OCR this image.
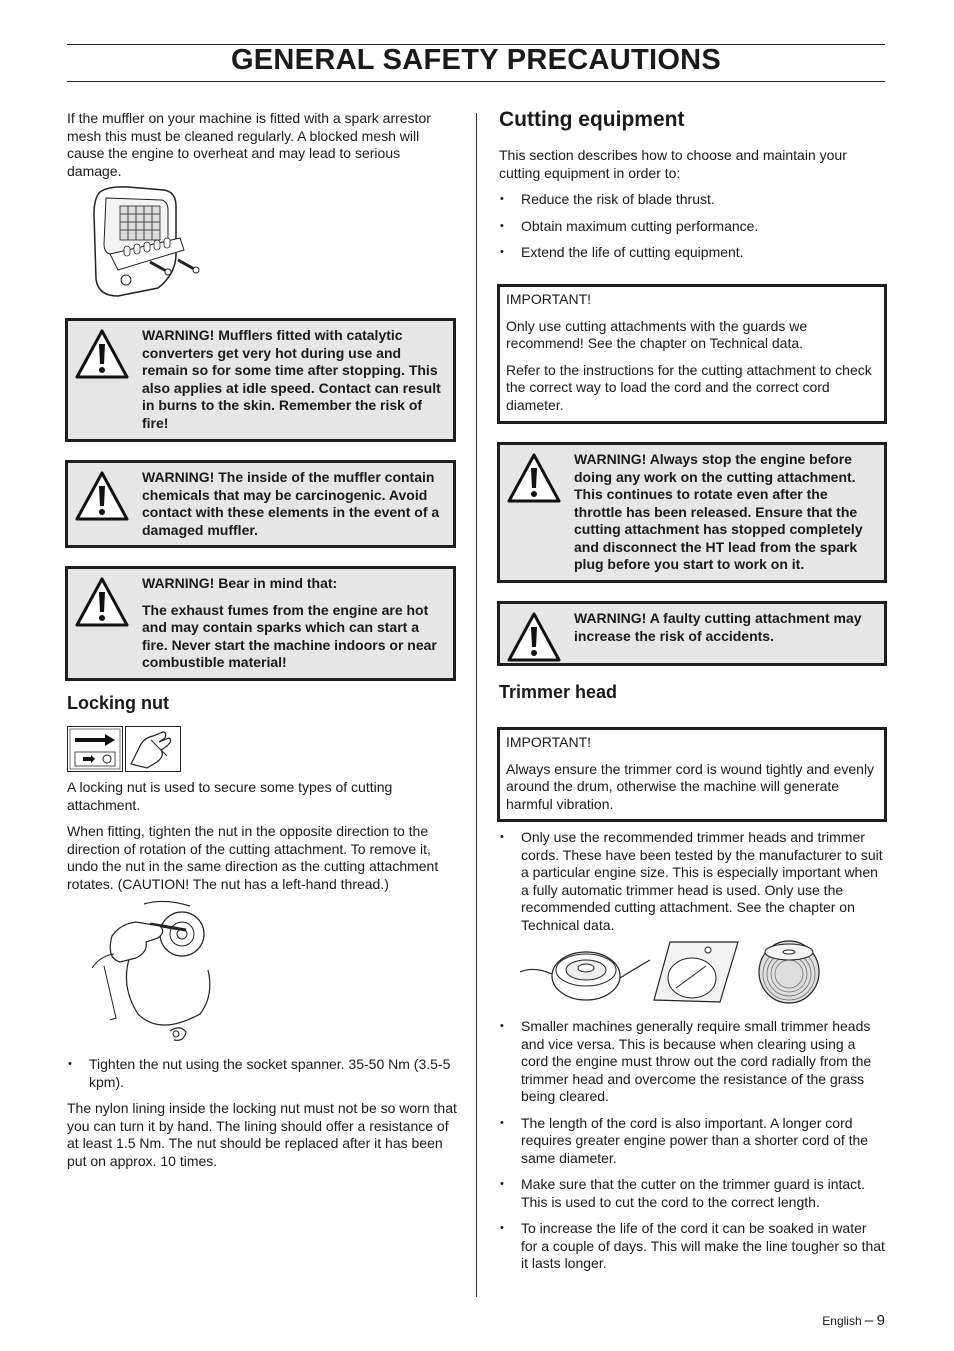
GENERAL SAFETY PRECAUTIONS

If the muffler on your machine is fitted with a spark arrestor mesh this must be cleaned regularly. A blocked mesh will cause the engine to overheat and may lead to serious damage.

WARNING! Mufflers fitted with catalytic converters get very hot during use and remain so for some time after stopping. This also applies at idle speed. Contact can result in burns to the skin. Remember the risk of fire!
WARNING! The inside of the muffler contain chemicals that may be carcinogenic. Avoid contact with these elements in the event of a damaged muffler.
WARNING! Bear in mind that:
The exhaust fumes from the engine are hot and may contain sparks which can start a fire. Never start the machine indoors or near combustible material!
Locking nut

A locking nut is used to secure some types of cutting attachment.

When fitting, tighten the nut in the opposite direction to the direction of rotation of the cutting attachment. To remove it, undo the nut in the same direction as the cutting attachment rotates. (CAUTION! The nut has a left-hand thread.)

• Tighten the nut using the socket spanner. 35-50 Nm (3.5-5 kpm).

The nylon lining inside the locking nut must not be so worn that you can turn it by hand. The lining should offer a resistance of at least 1.5 Nm. The nut should be replaced after it has been put on approx. 10 times.

Cutting equipment

This section describes how to choose and maintain your cutting equipment in order to:

• Reduce the risk of blade thrust.
• Obtain maximum cutting performance.
• Extend the life of cutting equipment.

IMPORTANT!

Only use cutting attachments with the guards we recommend! See the chapter on Technical data.

Refer to the instructions for the cutting attachment to check the correct way to load the cord and the correct cord diameter.

WARNING! Always stop the engine before doing any work on the cutting attachment. This continues to rotate even after the throttle has been released. Ensure that the cutting attachment has stopped completely and disconnect the HT lead from the spark plug before you start to work on it.
WARNING! A faulty cutting attachment may increase the risk of accidents.
Trimmer head

IMPORTANT!

Always ensure the trimmer cord is wound tightly and evenly around the drum, otherwise the machine will generate harmful vibration.

• Only use the recommended trimmer heads and trimmer cords. These have been tested by the manufacturer to suit a particular engine size. This is especially important when a fully automatic trimmer head is used. Only use the recommended cutting attachment. See the chapter on Technical data.
• Smaller machines generally require small trimmer heads and vice versa. This is because when clearing using a cord the engine must throw out the cord radially from the trimmer head and overcome the resistance of the grass being cleared.
• The length of the cord is also important. A longer cord requires greater engine power than a shorter cord of the same diameter.
• Make sure that the cutter on the trimmer guard is intact. This is used to cut the cord to the correct length.
• To increase the life of the cord it can be soaked in water for a couple of days. This will make the line tougher so that it lasts longer.
English – 9
